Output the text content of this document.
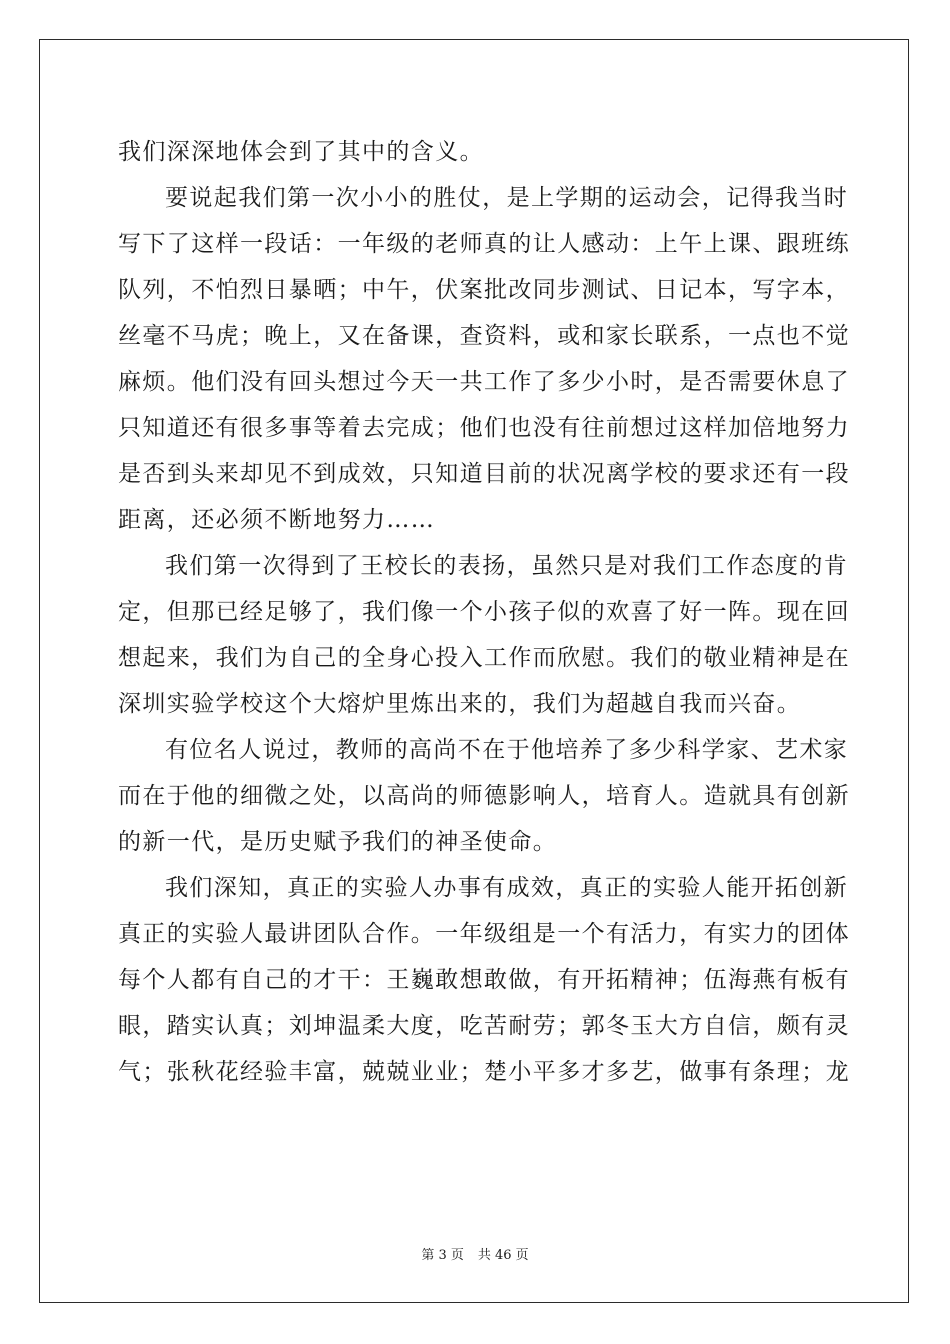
我们深深地体会到了其中的含义。
要说起我们第一次小小的胜仗，是上学期的运动会，记得我当时
写下了这样一段话：一年级的老师真的让人感动：上午上课、跟班练
队列，不怕烈日暴晒；中午，伏案批改同步测试、日记本，写字本，
丝毫不马虎；晚上，又在备课，查资料，或和家长联系，一点也不觉
麻烦。他们没有回头想过今天一共工作了多少小时，是否需要休息了
只知道还有很多事等着去完成；他们也没有往前想过这样加倍地努力
是否到头来却见不到成效，只知道目前的状况离学校的要求还有一段
距离，还必须不断地努力……
我们第一次得到了王校长的表扬，虽然只是对我们工作态度的肯
定，但那已经足够了，我们像一个小孩子似的欢喜了好一阵。现在回
想起来，我们为自己的全身心投入工作而欣慰。我们的敬业精神是在
深圳实验学校这个大熔炉里炼出来的，我们为超越自我而兴奋。
有位名人说过，教师的高尚不在于他培养了多少科学家、艺术家
而在于他的细微之处，以高尚的师德影响人，培育人。造就具有创新
的新一代，是历史赋予我们的神圣使命。
我们深知，真正的实验人办事有成效，真正的实验人能开拓创新
真正的实验人最讲团队合作。一年级组是一个有活力，有实力的团体
每个人都有自己的才干：王巍敢想敢做，有开拓精神；伍海燕有板有
眼，踏实认真；刘坤温柔大度，吃苦耐劳；郭冬玉大方自信，颇有灵
气；张秋花经验丰富，兢兢业业；楚小平多才多艺，做事有条理；龙
第 3 页 共 46 页
